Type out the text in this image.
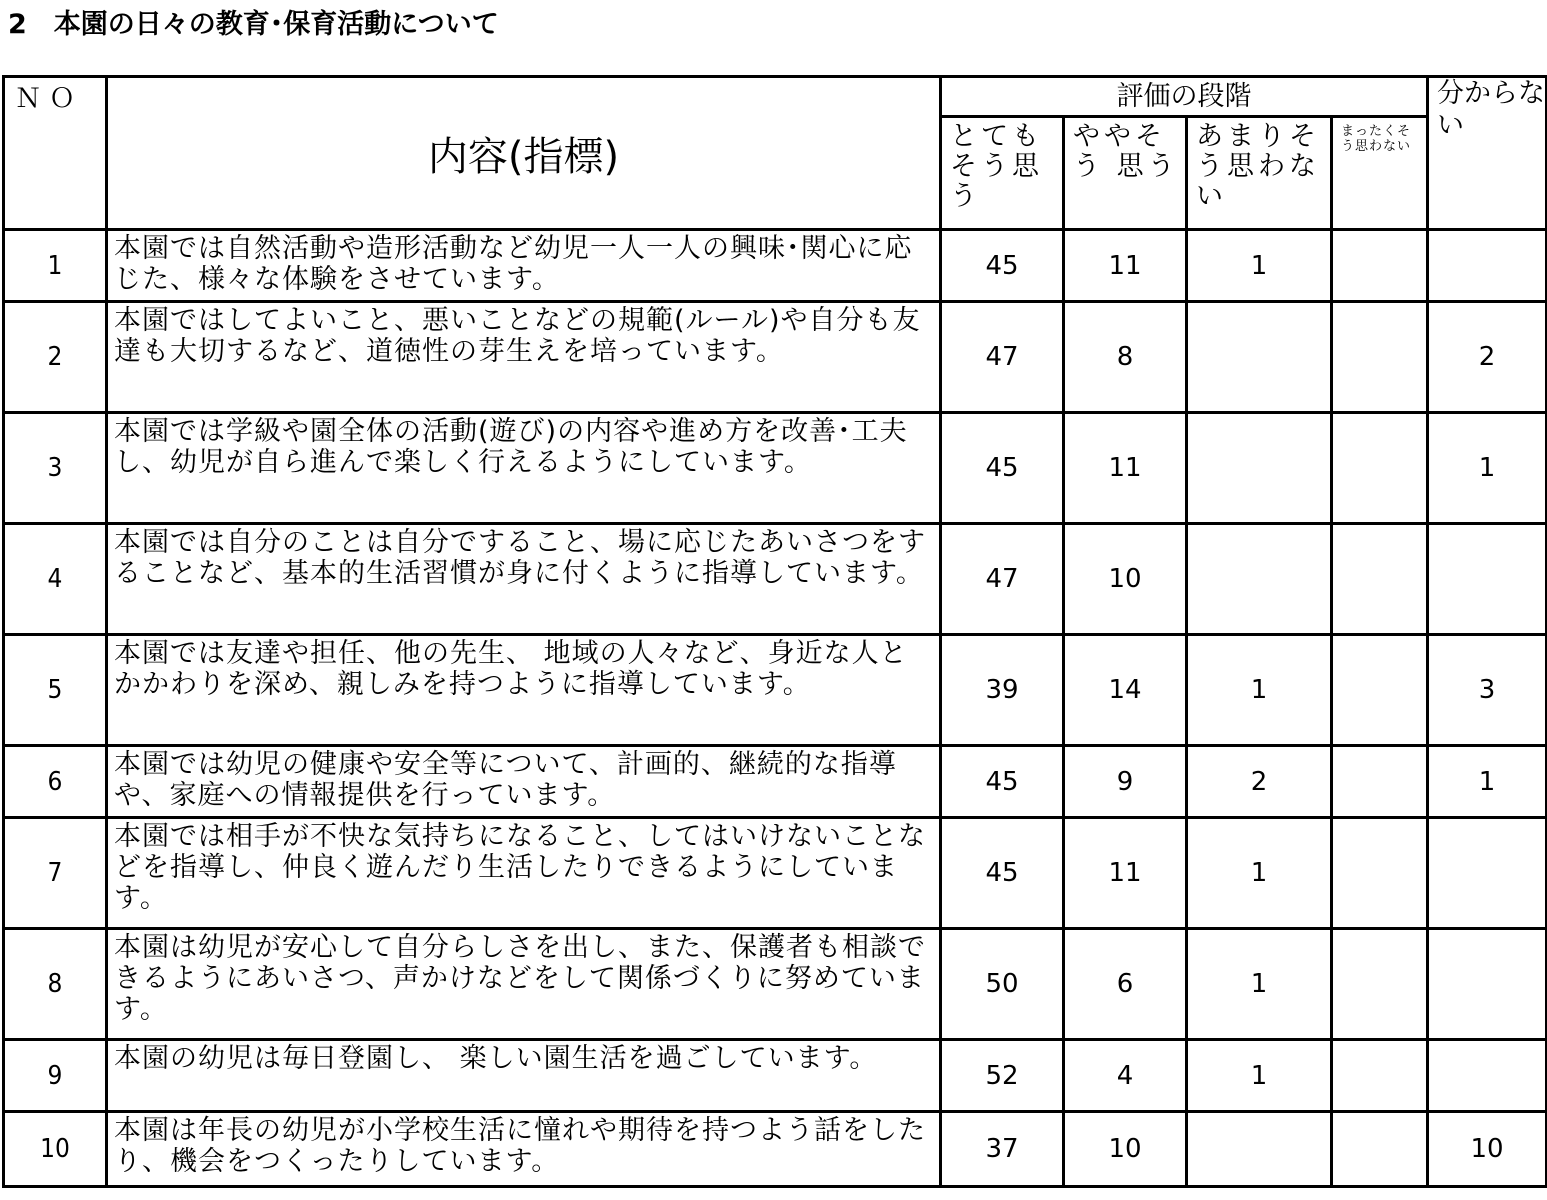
2　本園の日々の教育･保育活動について
ＮＯ	内容(指標)	評価の段階				分からない
		とても そう思う	ややそう 思う	あまりそう思わない	まったくそう思わない	
1	本園では自然活動や造形活動など幼児一人一人の興味･関心に応じた、様々な体験をさせています。	45	11	1		
2	本園ではしてよいこと、悪いことなどの規範(ルール)や自分も友達も大切するなど、道徳性の芽生えを培っています。	47	8			2
3	本園では学級や園全体の活動(遊び)の内容や進め方を改善･工夫し、幼児が自ら進んで楽しく行えるようにしています。	45	11			1
4	本園では自分のことは自分ですること、場に応じたあいさつをすることなど、基本的生活習慣が身に付くように指導しています。	47	10			
5	本園では友達や担任、他の先生、 地域の人々など、身近な人とかかわりを深め、親しみを持つように指導しています。	39	14	1		3
6	本園では幼児の健康や安全等について、計画的、継続的な指導や、家庭への情報提供を行っています。	45	9	2		1
7	本園では相手が不快な気持ちになること、してはいけないことなどを指導し、仲良く遊んだり生活したりできるようにしています。	45	11	1		
8	本園は幼児が安心して自分らしさを出し、また、保護者も相談できるようにあいさつ、声かけなどをして関係づくりに努めています。	50	6	1		
9	本園の幼児は毎日登園し、 楽しい園生活を過ごしています。	52	4	1		
10	本園は年長の幼児が小学校生活に憧れや期待を持つよう話をしたり、機会をつくったりしています。	37	10			10
